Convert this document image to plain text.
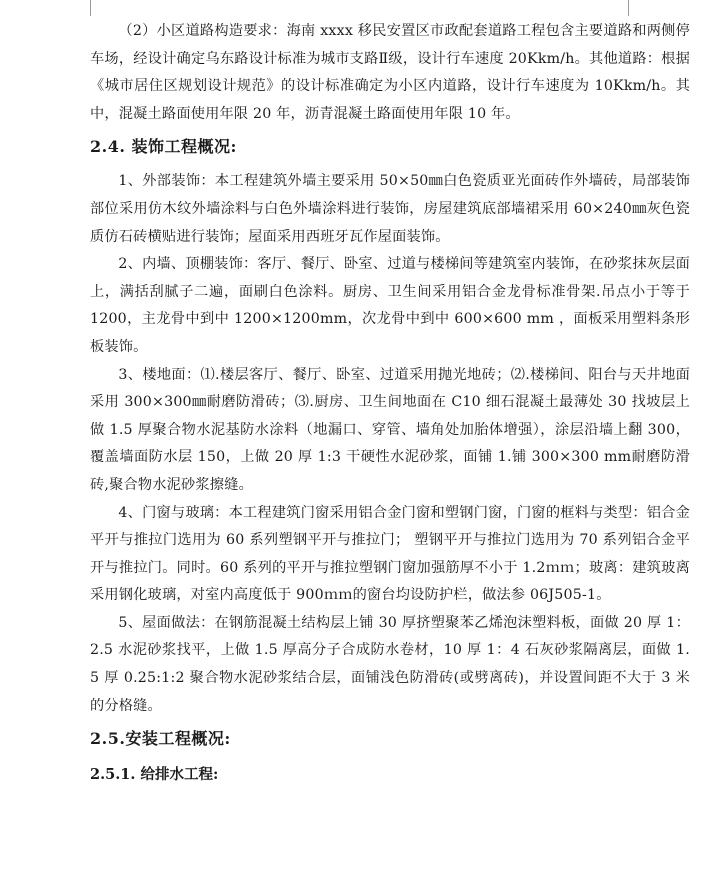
（2）小区道路构造要求：海南 xxxx 移民安置区市政配套道路工程包含主要道路和两侧停车场，经设计确定乌东路设计标准为城市支路Ⅱ级，设计行车速度 20Kkm/h。其他道路：根据《城市居住区规划设计规范》的设计标准确定为小区内道路，设计行车速度为 10Kkm/h。其中，混凝土路面使用年限 20 年，沥青混凝土路面使用年限 10 年。

2.4. 装饰工程概况:

1、外部装饰：本工程建筑外墙主要采用 50×50㎜白色瓷质亚光面砖作外墙砖，局部装饰部位采用仿木纹外墙涂料与白色外墙涂料进行装饰，房屋建筑底部墙裙采用 60×240㎜灰色瓷质仿石砖横贴进行装饰；屋面采用西班牙瓦作屋面装饰。

2、内墙、顶棚装饰：客厅、餐厅、卧室、过道与楼梯间等建筑室内装饰，在砂浆抹灰层面上，满括刮腻子二遍，面刷白色涂料。厨房、卫生间采用铝合金龙骨标准骨架.吊点小于等于 1200，主龙骨中到中 1200×1200mm，次龙骨中到中 600×600 mm ，面板采用塑料条形板装饰。

3、楼地面：⑴.楼层客厅、餐厅、卧室、过道采用抛光地砖；⑵.楼梯间、阳台与天井地面采用 300×300㎜耐磨防滑砖；⑶.厨房、卫生间地面在 C10 细石混凝土最薄处 30 找坡层上做 1.5 厚聚合物水泥基防水涂料（地漏口、穿管、墙角处加胎体增强），涂层沿墙上翻 300，覆盖墙面防水层 150，上做 20 厚 1:3 干硬性水泥砂浆，面铺 1.铺 300×300 mm耐磨防滑砖,聚合物水泥砂浆擦缝。

4、门窗与玻璃：本工程建筑门窗采用铝合金门窗和塑钢门窗，门窗的框料与类型：铝合金平开与推拉门选用为 60 系列塑钢平开与推拉门； 塑钢平开与推拉门选用为 70 系列铝合金平开与推拉门。同时。60 系列的平开与推拉塑钢门窗加强筋厚不小于 1.2ｍｍ；玻离：建筑玻离采用钢化玻璃，对室内高度低于 900ｍｍ的窗台均设防护栏，做法参 06J505-1。

5、屋面做法：在钢筋混凝土结构层上铺 30 厚挤塑聚苯乙烯泡沫塑料板，面做 20 厚 1：2.5 水泥砂浆找平，上做 1.5 厚高分子合成防水卷材，10 厚 1：4 石灰砂浆隔离层，面做 1. 5 厚 0.25:1:2 聚合物水泥砂浆结合层，面铺浅色防滑砖(或劈离砖)，并设置间距不大于 3 米的分格缝。

2.5.安装工程概况:
2.5.1. 给排水工程:
